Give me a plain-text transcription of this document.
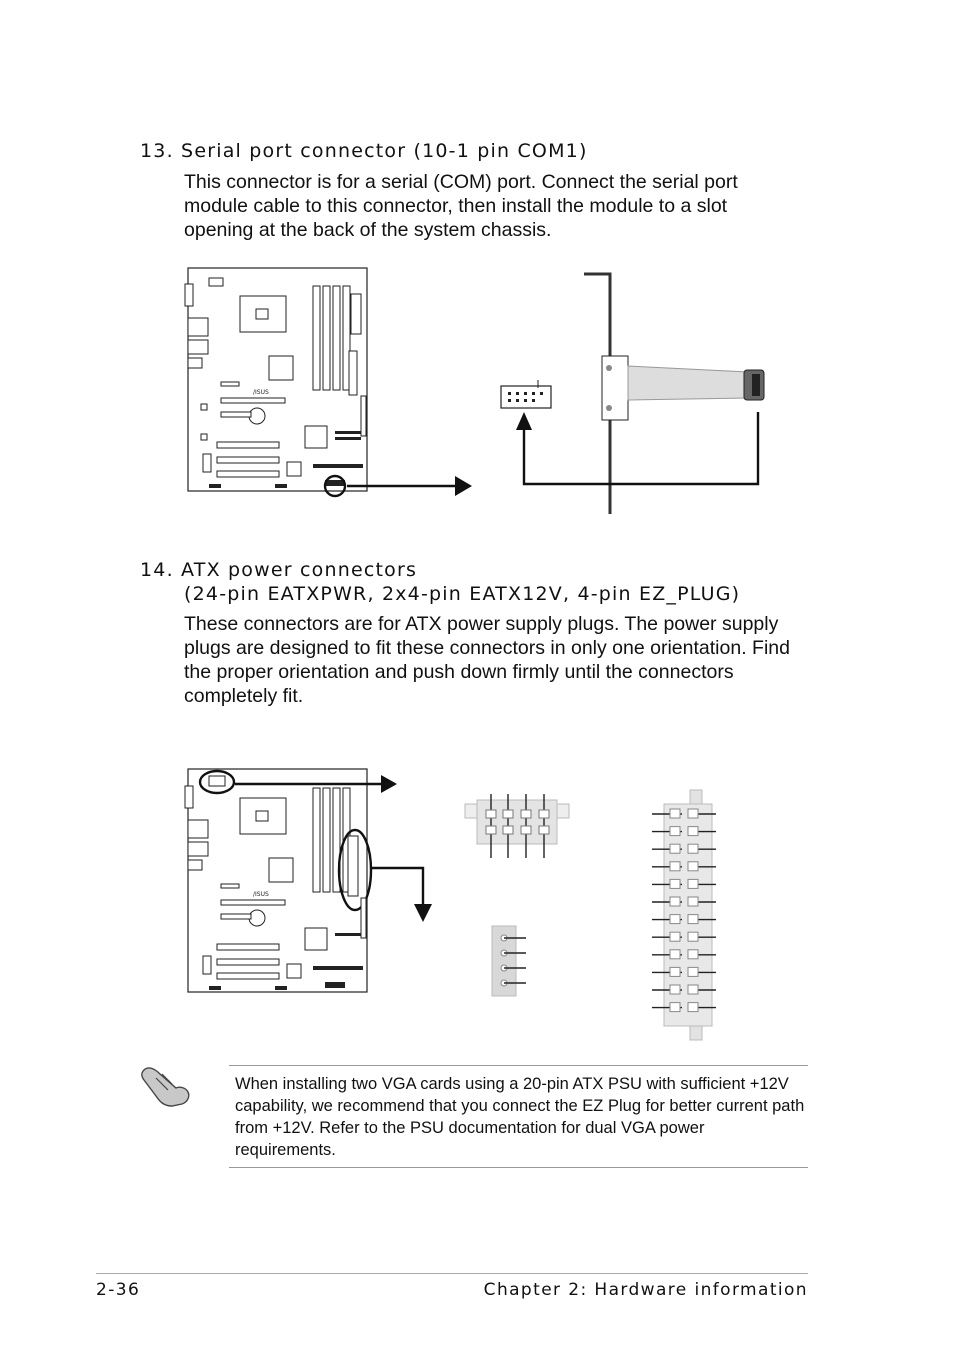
13. Serial port connector (10-1 pin COM1)
This connector is for a serial (COM) port. Connect the serial port module cable to this connector, then install the module to a slot opening at the back of the system chassis.
/ISUS
14. ATX power connectors
(24-pin EATXPWR, 2x4-pin EATX12V, 4-pin EZ_PLUG)
These connectors are for ATX power supply plugs. The power supply plugs are designed to fit these connectors in only one orientation. Find the proper orientation and push down firmly until the connectors completely fit.
/ISUS
When installing two VGA cards using a 20-pin ATX PSU with sufficient +12V capability, we recommend that you connect the EZ Plug for better current path from +12V. Refer to the PSU documentation for dual VGA power requirements.
2-36	Chapter 2: Hardware information
